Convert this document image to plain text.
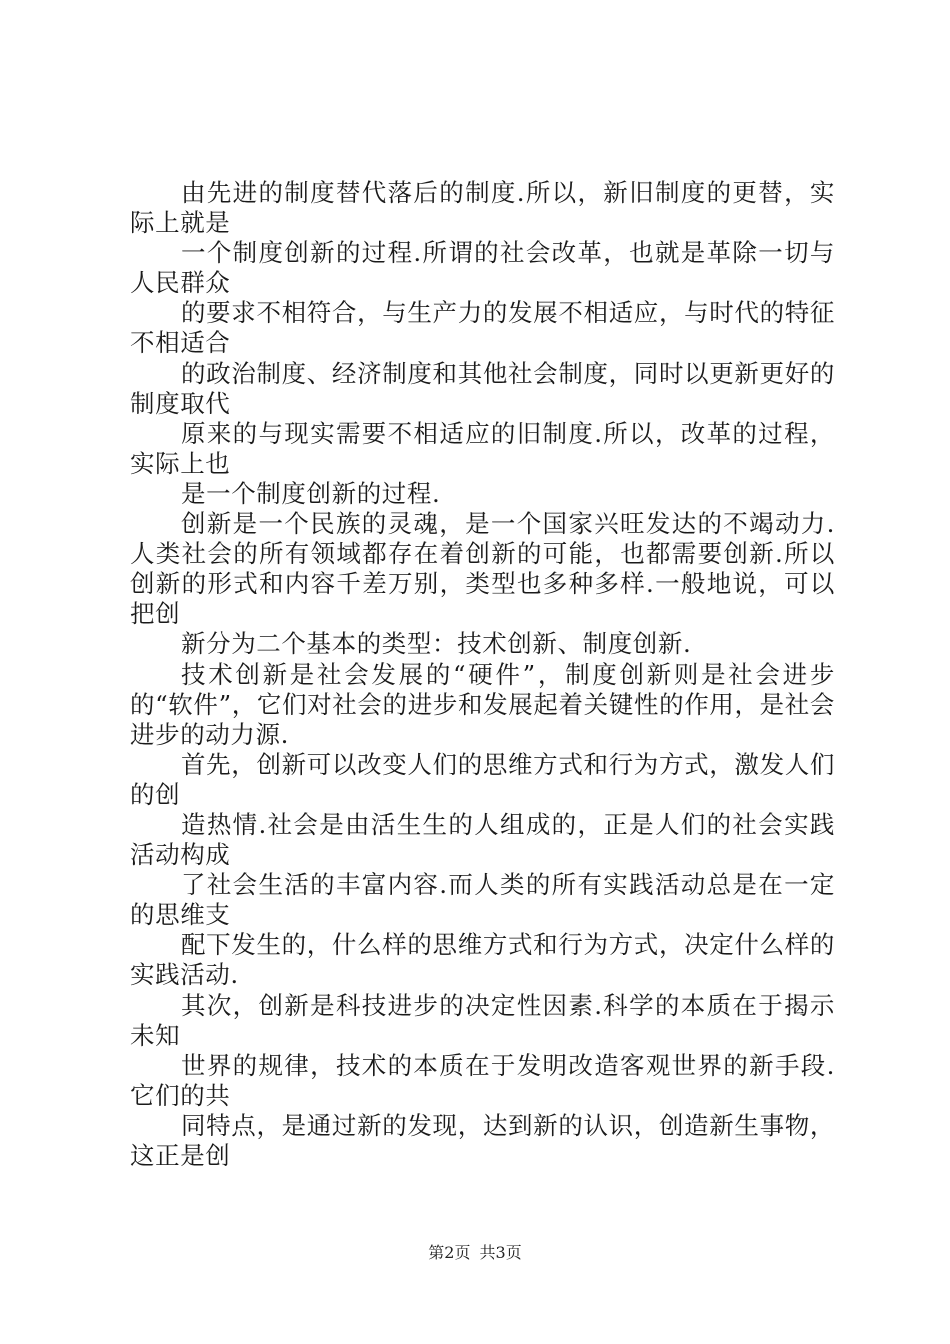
由先进的制度替代落后的制度.所以，新旧制度的更替，实际上就是

一个制度创新的过程.所谓的社会改革，也就是革除一切与人民群众

的要求不相符合，与生产力的发展不相适应，与时代的特征不相适合

的政治制度、经济制度和其他社会制度，同时以更新更好的制度取代

原来的与现实需要不相适应的旧制度.所以，改革的过程，实际上也

是一个制度创新的过程.

创新是一个民族的灵魂，是一个国家兴旺发达的不竭动力.人类社会的所有领域都存在着创新的可能，也都需要创新.所以创新的形式和内容千差万别，类型也多种多样.一般地说，可以把创

新分为二个基本的类型：技术创新、制度创新.

技术创新是社会发展的“硬件”，制度创新则是社会进步的“软件”，它们对社会的进步和发展起着关键性的作用，是社会进步的动力源.

首先，创新可以改变人们的思维方式和行为方式，激发人们的创

造热情.社会是由活生生的人组成的，正是人们的社会实践活动构成

了社会生活的丰富内容.而人类的所有实践活动总是在一定的思维支

配下发生的，什么样的思维方式和行为方式，决定什么样的实践活动.

其次，创新是科技进步的决定性因素.科学的本质在于揭示未知

世界的规律，技术的本质在于发明改造客观世界的新手段.它们的共

同特点，是通过新的发现，达到新的认识，创造新生事物，这正是创

第2页 共3页
